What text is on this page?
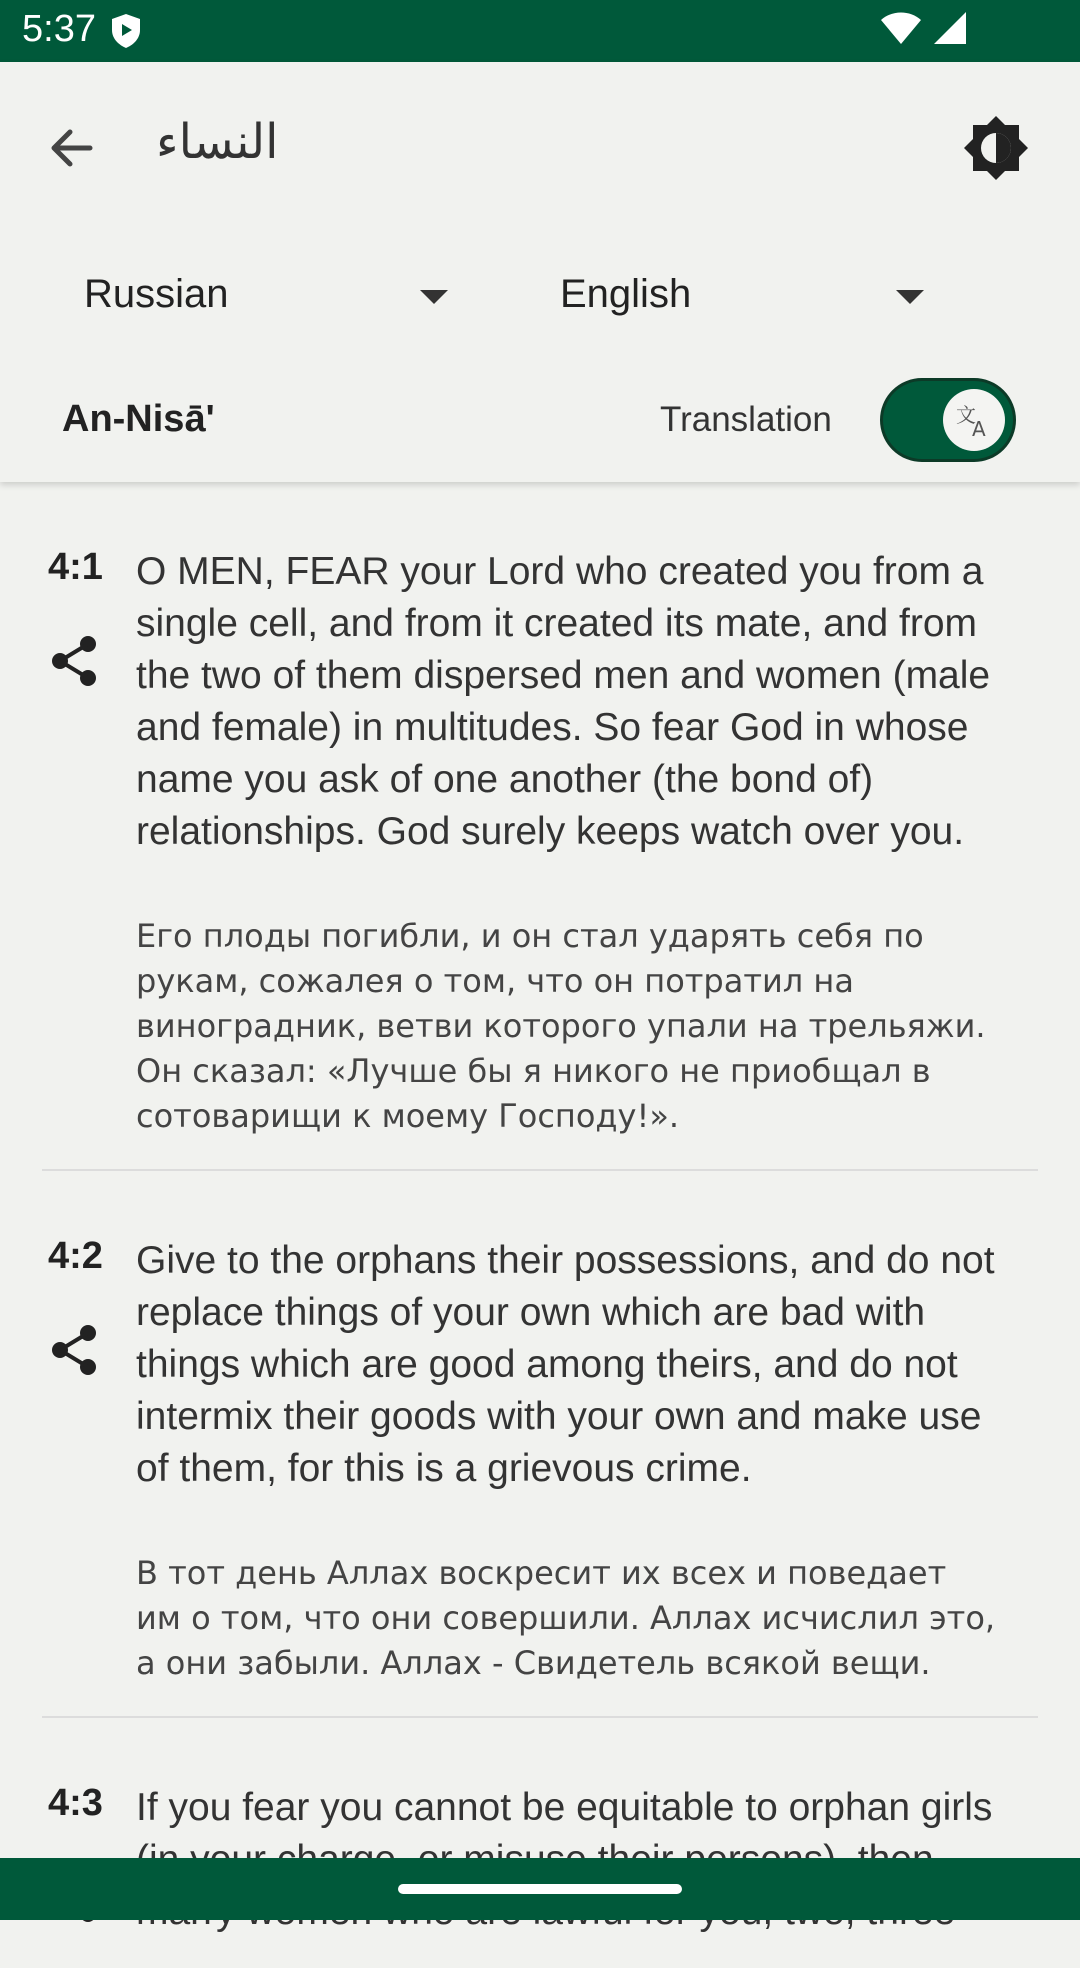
5:37

النساء
Russian	English
An-Nisā'	Translation	文
A
4:1 O MEN, FEAR your Lord who created you from a single cell, and from it created its mate, and from the two of them dispersed men and women (male and female) in multitudes. So fear God in whose name you ask of one another (the bond of) relationships. God surely keeps watch over you.
Его плоды погибли, и он стал ударять себя по рукам, сожалея о том, что он потратил на виноградник, ветви которого упали на трельяжи. Он сказал: «Лучше бы я никого не приобщал в сотоварищи к моему Господу!».
4:2 Give to the orphans their possessions, and do not replace things of your own which are bad with things which are good among theirs, and do not intermix their goods with your own and make use of them, for this is a grievous crime.
В тот день Аллах воскресит их всех и поведает им о том, что они совершили. Аллах исчислил это, а они забыли. Аллах - Свидетель всякой вещи.
4:3 If you fear you cannot be equitable to orphan girls
